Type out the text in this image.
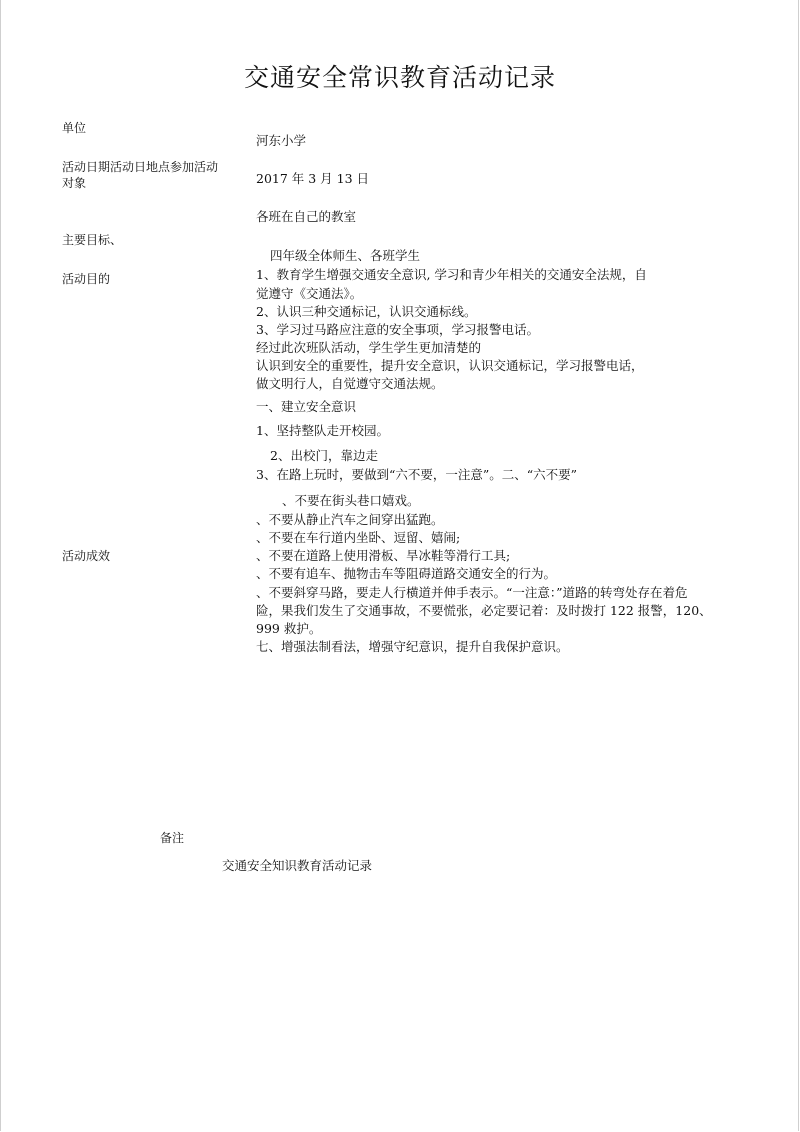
交通安全常识教育活动记录
单位
活动日期活动日地点参加活动
对象
主要目标、
活动目的
活动成效
河东小学
2017 年 3 月 13 日
各班在自己的教室
四年级全体师生、各班学生
1、教育学生增强交通安全意识, 学习和青少年相关的交通安全法规，自
觉遵守《交通法》。
2、认识三种交通标记，认识交通标线。
3、学习过马路应注意的安全事项，学习报警电话。
经过此次班队活动，学生学生更加清楚的
认识到安全的重要性，提升安全意识，认识交通标记，学习报警电话，
做文明行人，自觉遵守交通法规。
一、建立安全意识
1、坚持整队走开校园。
2、出校门，靠边走
3、在路上玩时，要做到“六不要，一注意”。二、“六不要”
、不要在街头巷口嬉戏。
、不要从静止汽车之间穿出猛跑。
、不要在车行道内坐卧、逗留、嬉闹;
、不要在道路上使用滑板、旱冰鞋等滑行工具;
、不要有追车、抛物击车等阻碍道路交通安全的行为。
、不要斜穿马路，要走人行横道并伸手表示。“一注意：”道路的转弯处存在着危
险，果我们发生了交通事故，不要慌张，必定要记着：及时拨打 122 报警，120、
999 救护。
七、增强法制看法，增强守纪意识，提升自我保护意识。
备注
交通安全知识教育活动记录
